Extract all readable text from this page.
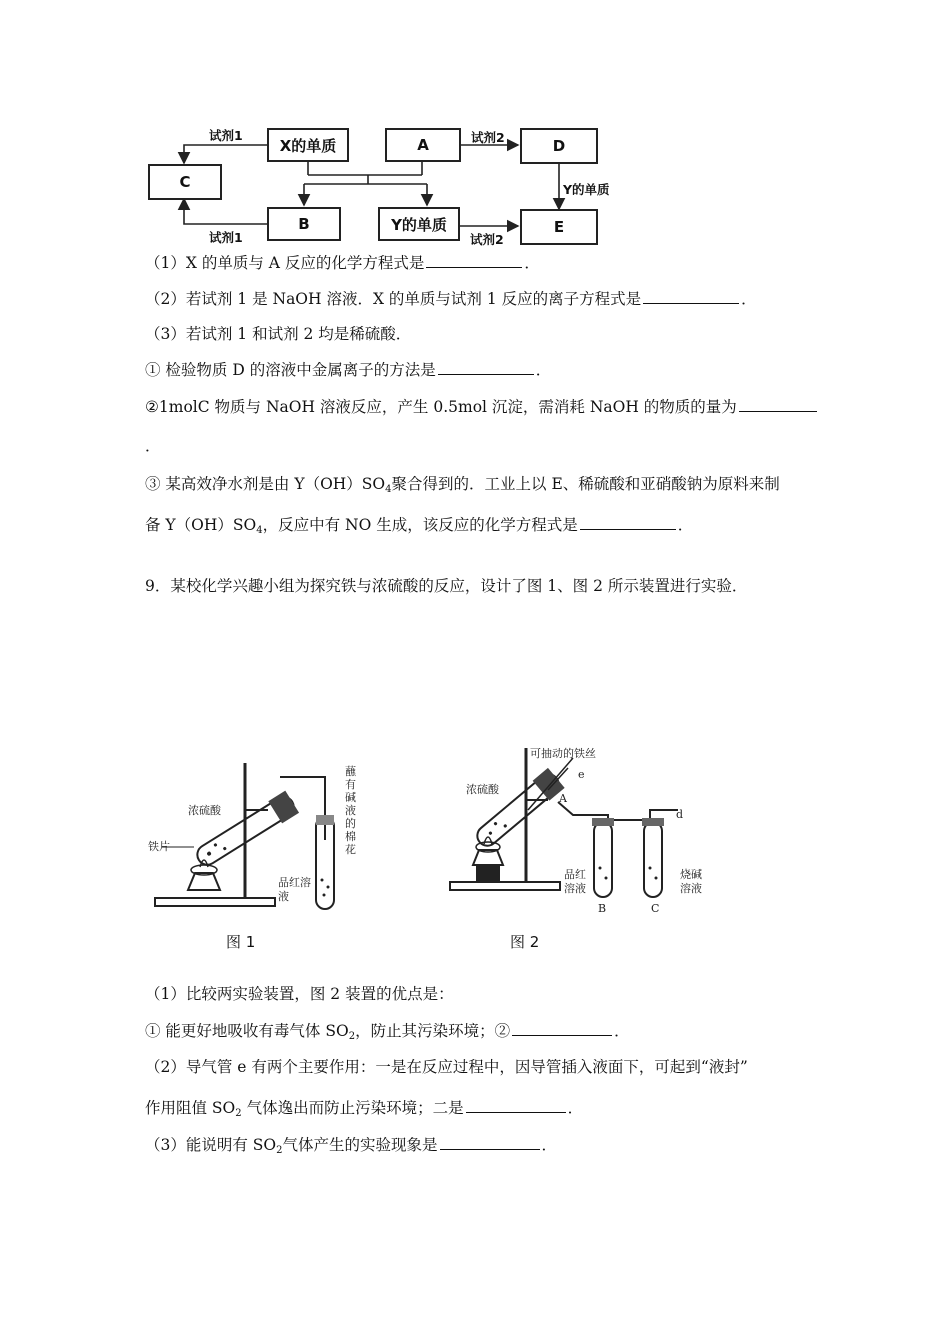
X的单质	A	D
C
B	Y的单质	E
试剂1	试剂2
Y的单质
试剂1	试剂2
（1）X 的单质与 A 反应的化学方程式是	．
（2）若试剂 1 是 NaOH 溶液．X 的单质与试剂 1 反应的离子方程式是	．
（3）若试剂 1 和试剂 2 均是稀硫酸．
① 检验物质 D 的溶液中金属离子的方法是	．
②1molC 物质与 NaOH 溶液反应，产生 0.5mol 沉淀，需消耗 NaOH 的物质的量为
．
③ 某高效净水剂是由 $Y(OH)SO_4$聚合得到的．工业上以 E、稀硫酸和亚硝酸钠为原料来制
备 $Y(OH)SO_4$，反应中有 NO 生成，该反应的化学方程式是	．
9．某校化学兴趣小组为探究铁与浓硫酸的反应，设计了图 1、图 2 所示装置进行实验．
浓硫酸
铁片
品红溶液
蘸有碱液的棉花
图 1
可抽动的铁丝
e
浓硫酸
A
d
品红溶液
烧碱溶液
B	C
图 2
（1）比较两实验装置，图 2 装置的优点是：
① 能更好地吸收有毒气体 $SO_2$，防止其污染环境；②	．
（2）导气管 e 有两个主要作用：一是在反应过程中，因导管插入液面下，可起到“液封”
作用阻值 $SO_2$ 气体逸出而防止污染环境；二是	．
（3）能说明有 $SO_2$气体产生的实验现象是	．
